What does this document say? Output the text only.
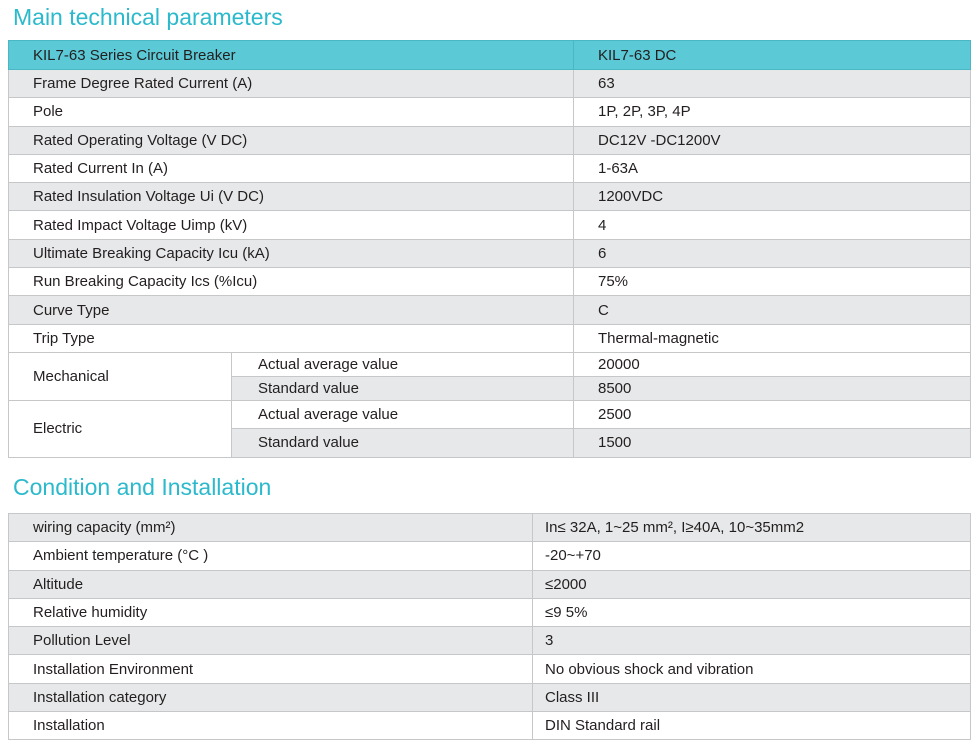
Main technical parameters
KIL7-63 Series Circuit Breaker		KIL7-63 DC
Frame Degree Rated Current (A)		63
Pole		1P, 2P, 3P, 4P
Rated Operating Voltage (V DC)		DC12V -DC1200V
Rated Current In (A)		1-63A
Rated Insulation Voltage Ui (V DC)		1200VDC
Rated Impact Voltage Uimp (kV)		4
Ultimate Breaking Capacity Icu (kA)		6
Run Breaking Capacity Ics (%Icu)		75%
Curve Type		C
Trip Type		Thermal-magnetic
Mechanical	Actual average value	20000
	Standard value	8500
Electric	Actual average value	2500
	Standard value	1500
Condition and Installation
wiring capacity (mm²)	In≤ 32A, 1~25 mm², I≥40A, 10~35mm2
Ambient temperature (°C )	-20~+70
Altitude	≤2000
Relative humidity	≤9 5%
Pollution Level	3
Installation Environment	No obvious shock and vibration
Installation category	Class III
Installation	DIN Standard rail
